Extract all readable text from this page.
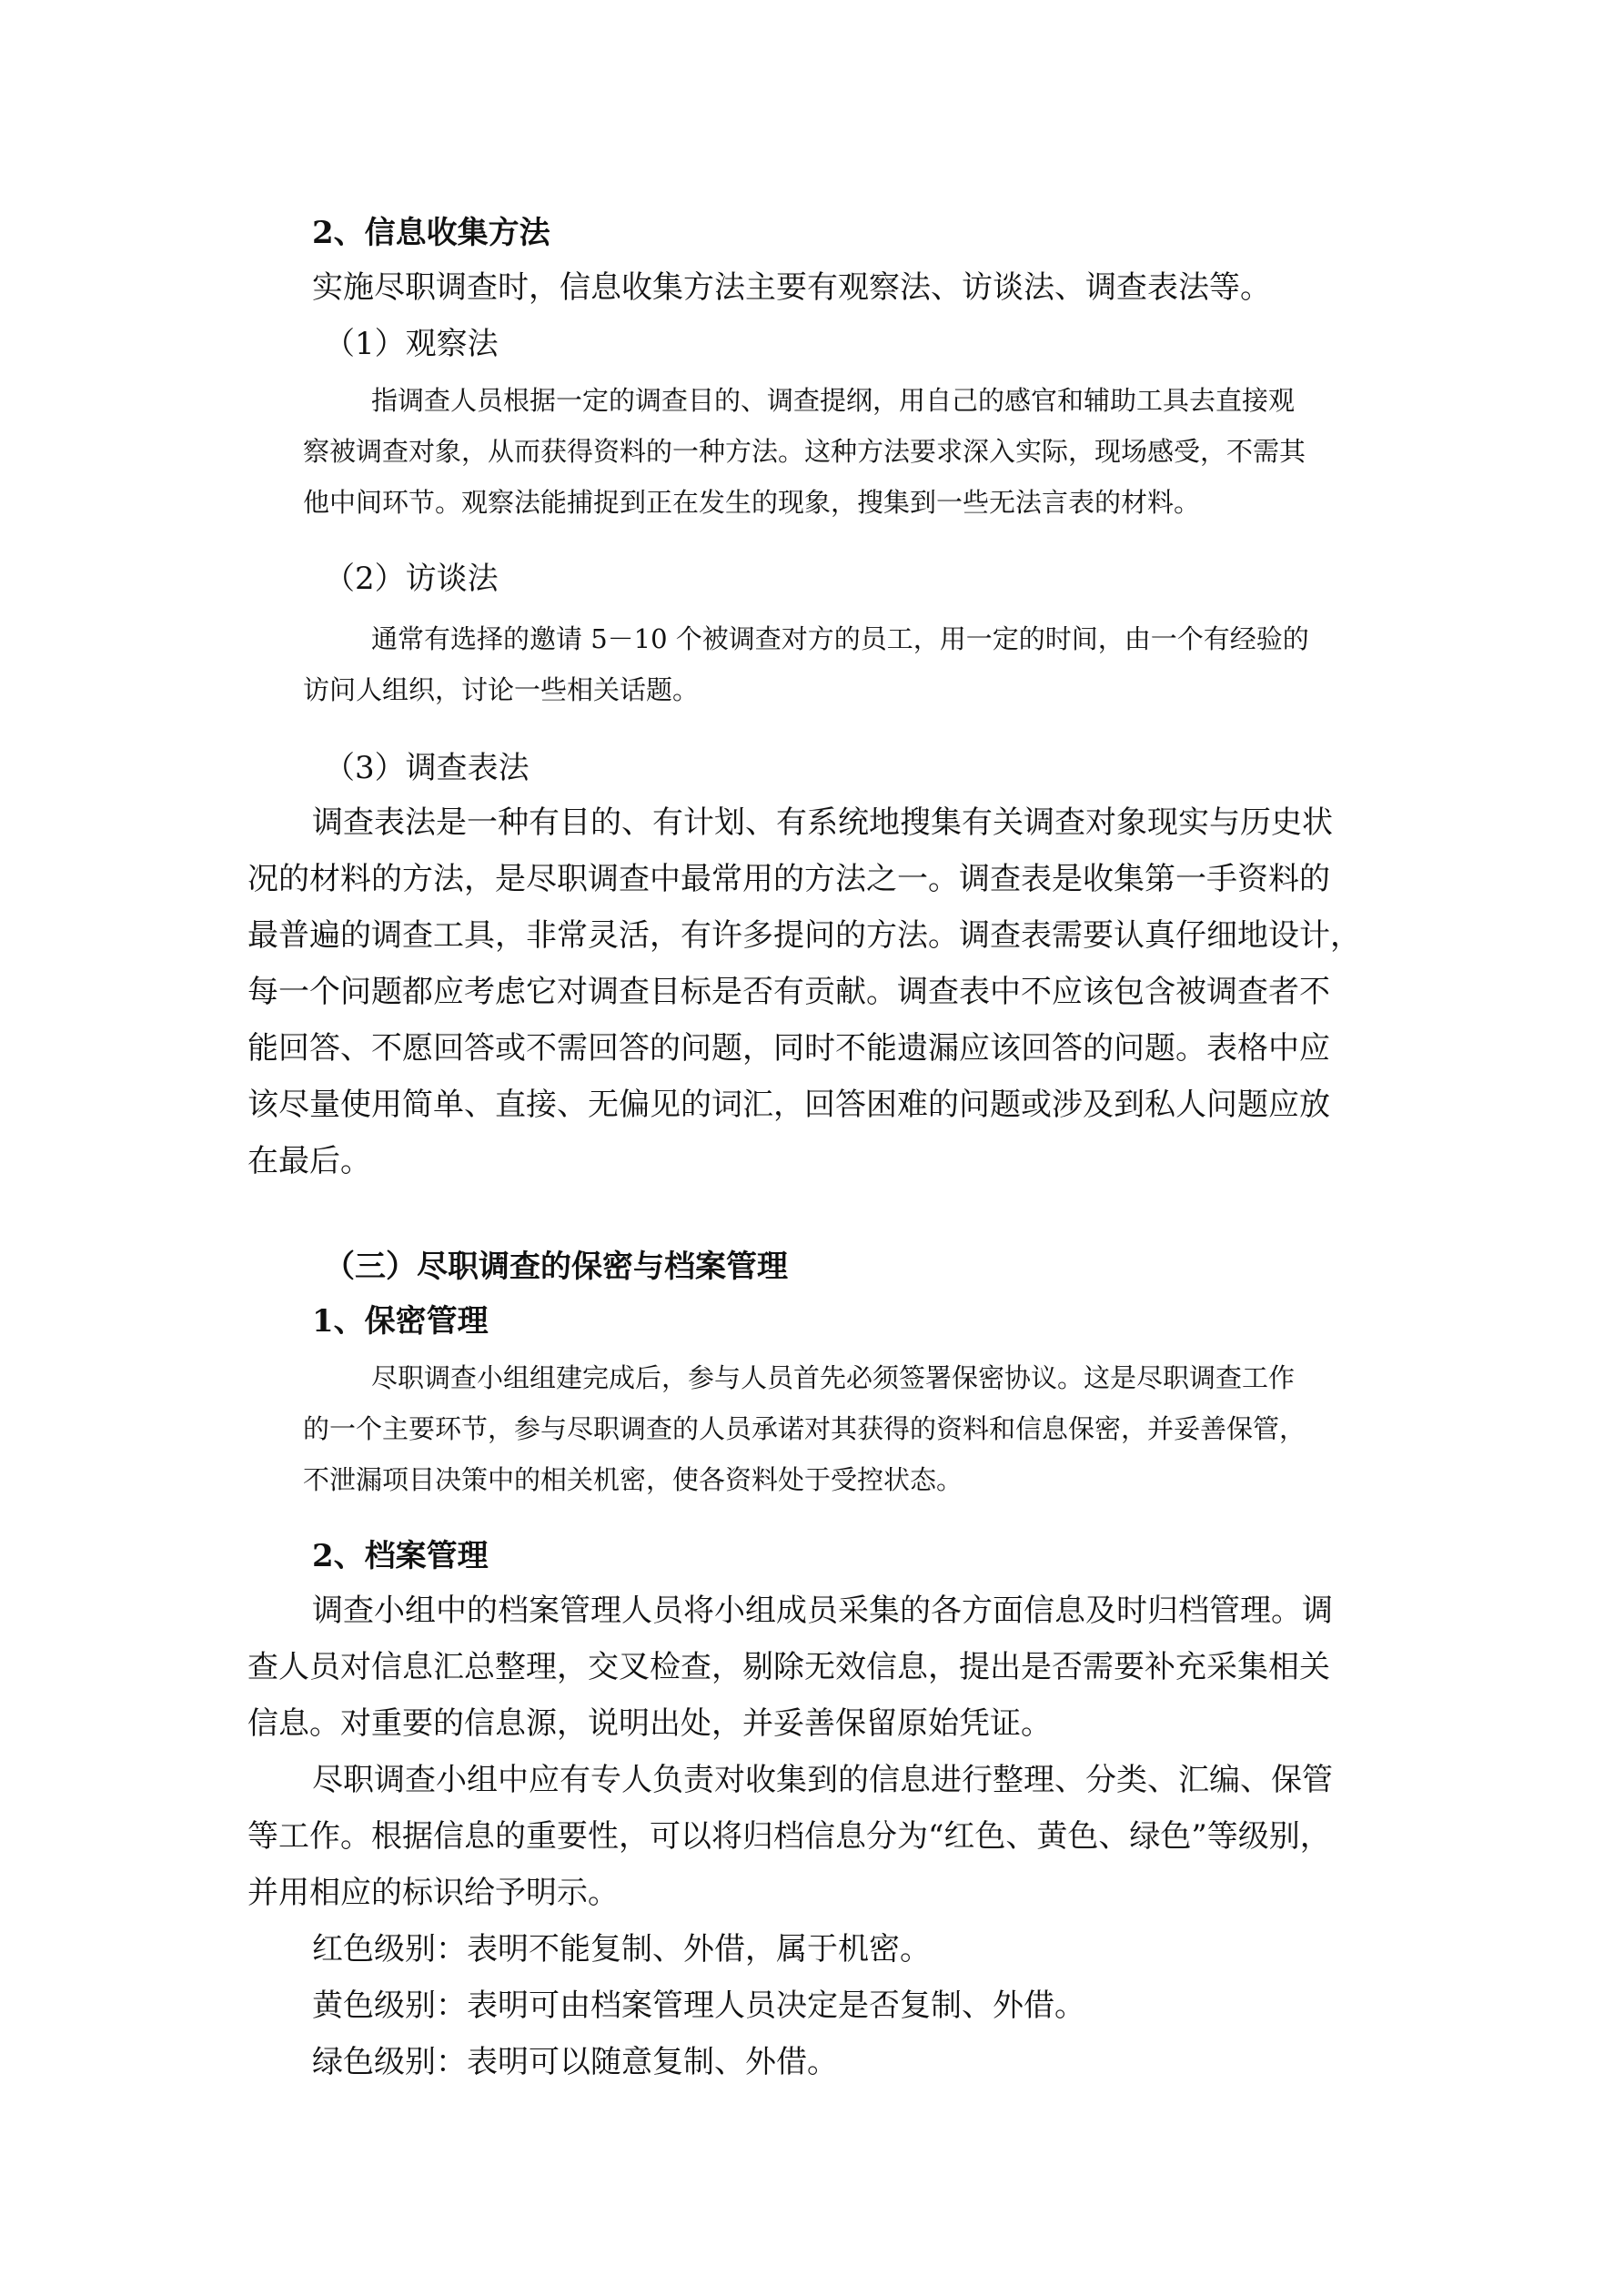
2、信息收集方法

实施尽职调查时，信息收集方法主要有观察法、访谈法、调查表法等。

（1）观察法

指调查人员根据一定的调查目的、调查提纲，用自己的感官和辅助工具去直接观

察被调查对象，从而获得资料的一种方法。这种方法要求深入实际，现场感受，不需其

他中间环节。观察法能捕捉到正在发生的现象，搜集到一些无法言表的材料。

（2）访谈法

通常有选择的邀请 5－10 个被调查对方的员工，用一定的时间，由一个有经验的

访问人组织，讨论一些相关话题。

（3）调查表法

调查表法是一种有目的、有计划、有系统地搜集有关调查对象现实与历史状

况的材料的方法，是尽职调查中最常用的方法之一。调查表是收集第一手资料的

最普遍的调查工具，非常灵活，有许多提问的方法。调查表需要认真仔细地设计，

每一个问题都应考虑它对调查目标是否有贡献。调查表中不应该包含被调查者不

能回答、不愿回答或不需回答的问题，同时不能遗漏应该回答的问题。表格中应

该尽量使用简单、直接、无偏见的词汇，回答困难的问题或涉及到私人问题应放

在最后。

（三）尽职调查的保密与档案管理

1、保密管理

尽职调查小组组建完成后，参与人员首先必须签署保密协议。这是尽职调查工作

的一个主要环节，参与尽职调查的人员承诺对其获得的资料和信息保密，并妥善保管，

不泄漏项目决策中的相关机密，使各资料处于受控状态。

2、档案管理

调查小组中的档案管理人员将小组成员采集的各方面信息及时归档管理。调

查人员对信息汇总整理，交叉检查，剔除无效信息，提出是否需要补充采集相关

信息。对重要的信息源，说明出处，并妥善保留原始凭证。

尽职调查小组中应有专人负责对收集到的信息进行整理、分类、汇编、保管

等工作。根据信息的重要性，可以将归档信息分为“红色、黄色、绿色”等级别，

并用相应的标识给予明示。

红色级别：表明不能复制、外借，属于机密。

黄色级别：表明可由档案管理人员决定是否复制、外借。

绿色级别：表明可以随意复制、外借。
